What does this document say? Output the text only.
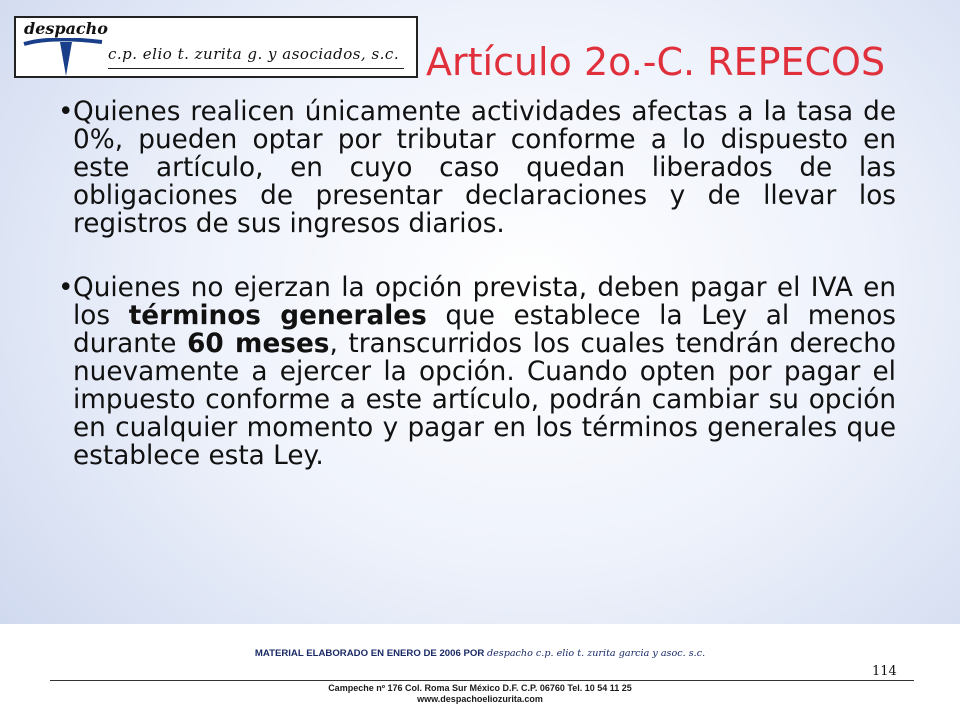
despacho
c.p. elio t. zurita g. y asociados, s.c. Artículo 2o.-C. REPECOS
• Quienes realicen únicamente actividades afectas a la tasa de 0%, pueden optar por tributar conforme a lo dispuesto en este artículo, en cuyo caso quedan liberados de las obligaciones de presentar declaraciones y de llevar los registros de sus ingresos diarios.
• Quienes no ejerzan la opción prevista, deben pagar el IVA en los términos generales que establece la Ley al menos durante 60 meses, transcurridos los cuales tendrán derecho nuevamente a ejercer la opción. Cuando opten por pagar el impuesto conforme a este artículo, podrán cambiar su opción en cualquier momento y pagar en los términos generales que establece esta Ley.
MATERIAL ELABORADO EN ENERO DE 2006 POR despacho c.p. elio t. zurita garcia y asoc. s.c.
114
Campeche nº 176 Col. Roma Sur México D.F. C.P. 06760 Tel. 10 54 11 25
www.despachoeliozurita.com
